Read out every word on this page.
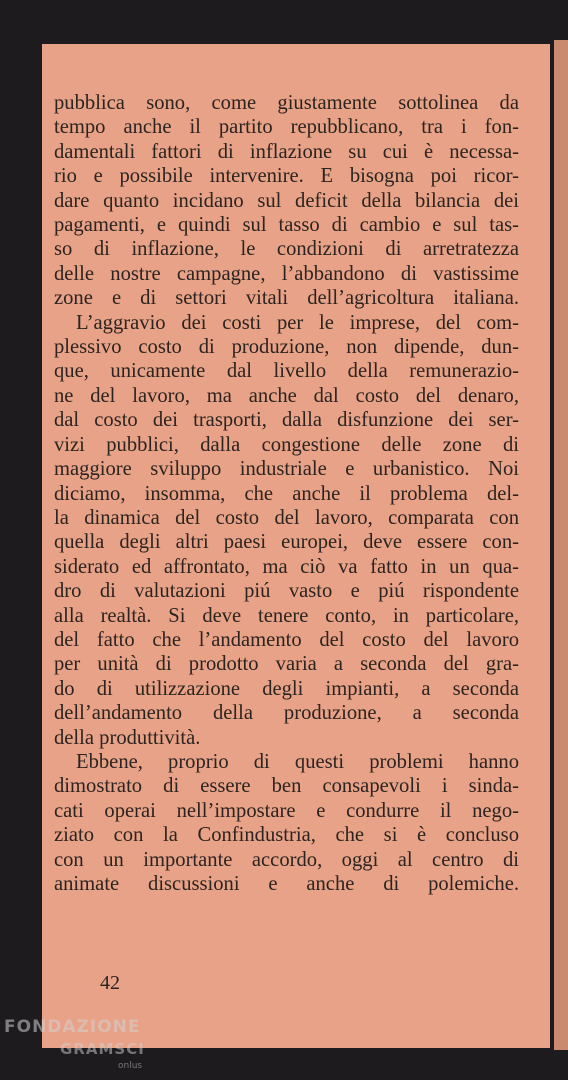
pubblica sono, come giustamente sottolinea da
tempo anche il partito repubblicano, tra i fon-
damentali fattori di inflazione su cui è necessa-
rio e possibile intervenire. E bisogna poi ricor-
dare quanto incidano sul deficit della bilancia dei
pagamenti, e quindi sul tasso di cambio e sul tas-
so di inflazione, le condizioni di arretratezza
delle nostre campagne, l’abbandono di vastissime
zone e di settori vitali dell’agricoltura italiana.
L’aggravio dei costi per le imprese, del com-
plessivo costo di produzione, non dipende, dun-
que, unicamente dal livello della remunerazio-
ne del lavoro, ma anche dal costo del denaro,
dal costo dei trasporti, dalla disfunzione dei ser-
vizi pubblici, dalla congestione delle zone di
maggiore sviluppo industriale e urbanistico. Noi
diciamo, insomma, che anche il problema del-
la dinamica del costo del lavoro, comparata con
quella degli altri paesi europei, deve essere con-
siderato ed affrontato, ma ciò va fatto in un qua-
dro di valutazioni piú vasto e piú rispondente
alla realtà. Si deve tenere conto, in particolare,
del fatto che l’andamento del costo del lavoro
per unità di prodotto varia a seconda del gra-
do di utilizzazione degli impianti, a seconda
dell’andamento della produzione, a seconda
della produttività.
Ebbene, proprio di questi problemi hanno
dimostrato di essere ben consapevoli i sinda-
cati operai nell’impostare e condurre il nego-
ziato con la Confindustria, che si è concluso
con un importante accordo, oggi al centro di
animate discussioni e anche di polemiche.
42
FONDAZIONE
GRAMSCI
onlus
